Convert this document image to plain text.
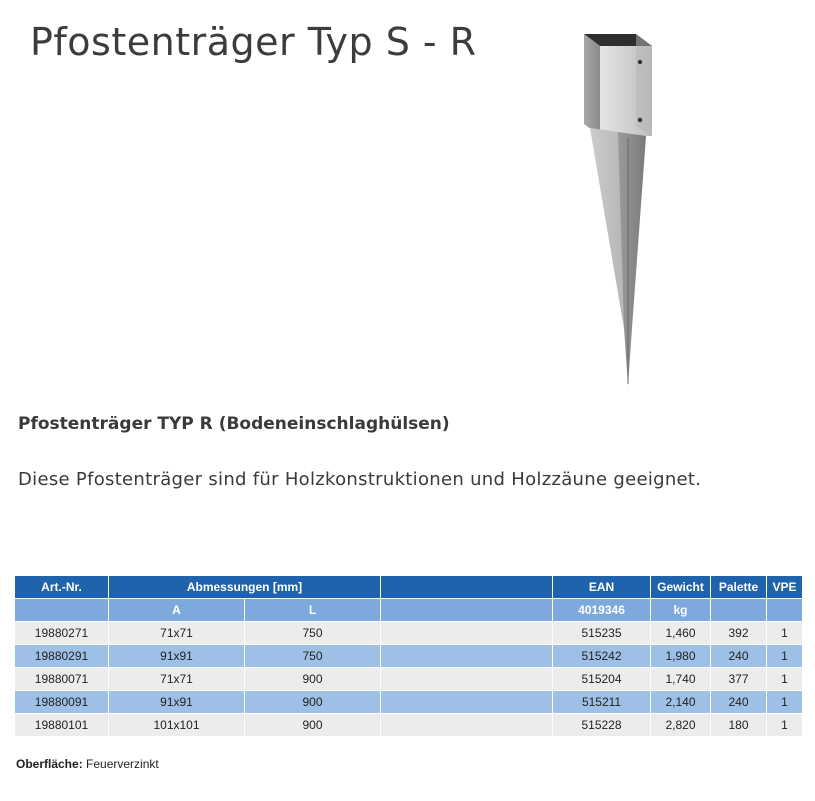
Pfostenträger Typ S - R
Pfostenträger TYP R (Bodeneinschlaghülsen)
Diese Pfostenträger sind für Holzkonstruktionen und Holzzäune geeignet.
Art.-Nr.	Abmessungen [mm]			EAN	Gewicht	Palette	VPE
	A	L		4019346	kg		
19880271	71x71	750		515235	1,460	392	1
19880291	91x91	750		515242	1,980	240	1
19880071	71x71	900		515204	1,740	377	1
19880091	91x91	900		515211	2,140	240	1
19880101	101x101	900		515228	2,820	180	1
Oberfläche: Feuerverzinkt
